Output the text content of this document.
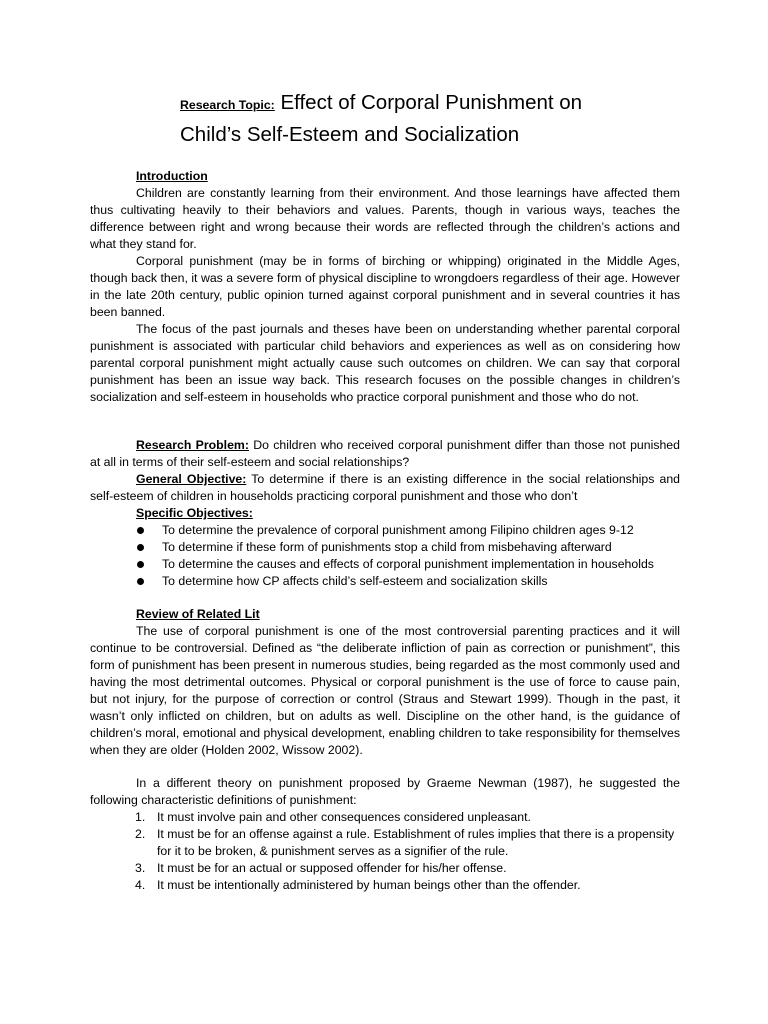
Research Topic: Effect of Corporal Punishment on
Child’s Self-Esteem and Socialization
Introduction

Children are constantly learning from their environment. And those learnings have affected them thus cultivating heavily to their behaviors and values. Parents, though in various ways, teaches the difference between right and wrong because their words are reflected through the children’s actions and what they stand for.

Corporal punishment (may be in forms of birching or whipping) originated in the Middle Ages, though back then, it was a severe form of physical discipline to wrongdoers regardless of their age. However in the late 20th century, public opinion turned against corporal punishment and in several countries it has been banned.

The focus of the past journals and theses have been on understanding whether parental corporal punishment is associated with particular child behaviors and experiences as well as on considering how parental corporal punishment might actually cause such outcomes on children. We can say that corporal punishment has been an issue way back. This research focuses on the possible changes in children’s socialization and self-esteem in households who practice corporal punishment and those who do not.

Research Problem: Do children who received corporal punishment differ than those not punished at all in terms of their self-esteem and social relationships?

General Objective: To determine if there is an existing difference in the social relationships and self-esteem of children in households practicing corporal punishment and those who don’t

Specific Objectives:
To determine the prevalence of corporal punishment among Filipino children ages 9-12
To determine if these form of punishments stop a child from misbehaving afterward
To determine the causes and effects of corporal punishment implementation in households
To determine how CP affects child’s self-esteem and socialization skills
Review of Related Lit

The use of corporal punishment is one of the most controversial parenting practices and it will continue to be controversial. Defined as “the deliberate infliction of pain as correction or punishment”, this form of punishment has been present in numerous studies, being regarded as the most commonly used and having the most detrimental outcomes. Physical or corporal punishment is the use of force to cause pain, but not injury, for the purpose of correction or control (Straus and Stewart 1999). Though in the past, it wasn’t only inflicted on children, but on adults as well. Discipline on the other hand, is the guidance of children’s moral, emotional and physical development, enabling children to take responsibility for themselves when they are older (Holden 2002, Wissow 2002).

In a different theory on punishment proposed by Graeme Newman (1987), he suggested the following characteristic definitions of punishment:

1. It must involve pain and other consequences considered unpleasant.
2. It must be for an offense against a rule. Establishment of rules implies that there is a propensity for it to be broken, & punishment serves as a signifier of the rule.
3. It must be for an actual or supposed offender for his/her offense.
4. It must be intentionally administered by human beings other than the offender.
